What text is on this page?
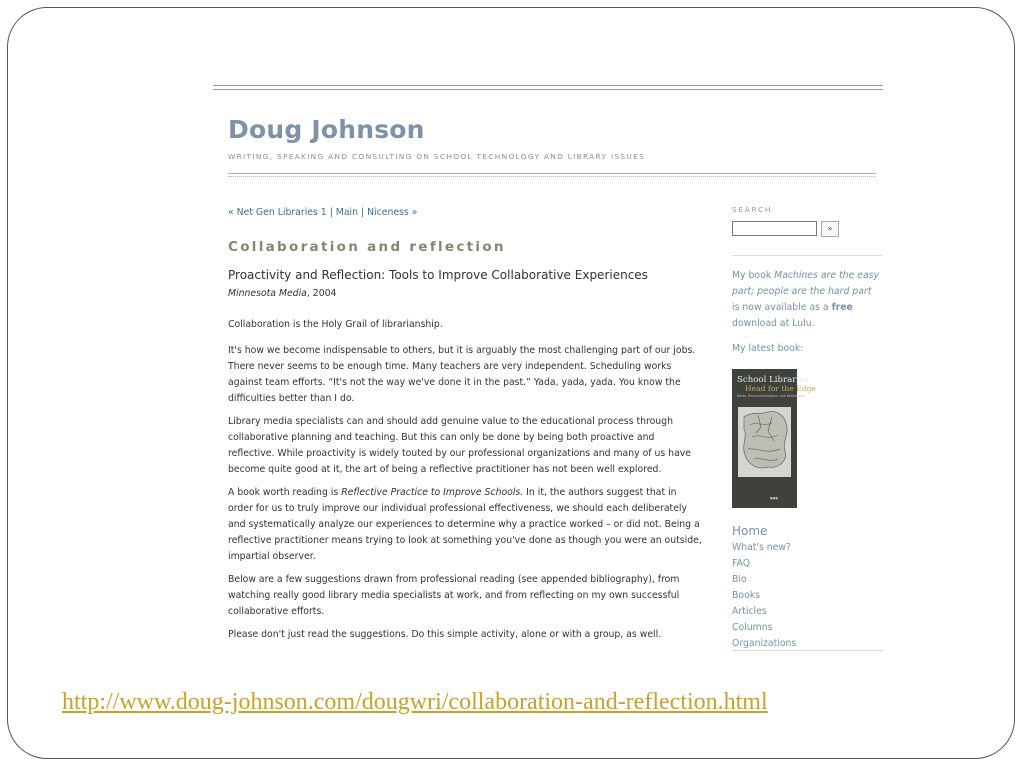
Doug Johnson
WRITING, SPEAKING AND CONSULTING ON SCHOOL TECHNOLOGY AND LIBRARY ISSUES
« Net Gen Libraries 1 | Main | Niceness »
Collaboration and reflection
Proactivity and Reflection: Tools to Improve Collaborative Experiences
Minnesota Media, 2004

Collaboration is the Holy Grail of librarianship.

It's how we become indispensable to others, but it is arguably the most challenging part of our jobs. There never seems to be enough time. Many teachers are very independent. Scheduling works against team efforts. “It's not the way we've done it in the past.” Yada, yada, yada. You know the difficulties better than I do.

Library media specialists can and should add genuine value to the educational process through collaborative planning and teaching. But this can only be done by being both proactive and reflective. While proactivity is widely touted by our professional organizations and many of us have become quite good at it, the art of being a reflective practitioner has not been well explored.

A book worth reading is Reflective Practice to Improve Schools. In it, the authors suggest that in order for us to truly improve our individual professional effectiveness, we should each deliberately and systematically analyze our experiences to determine why a practice worked – or did not. Being a reflective practitioner means trying to look at something you've done as though you were an outside, impartial observer.

Below are a few suggestions drawn from professional reading (see appended bibliography), from watching really good library media specialists at work, and from reflecting on my own successful collaborative efforts.

Please don't just read the suggestions. Do this simple activity, alone or with a group, as well.

SEARCH
»
My book Machines are the easy
part; people are the hard part
is now available as a free
download at Lulu.
My latest book:
School Libraries
Head for the Edge
Rants, Recommendations, and Reflections
●●●
Home
What's new?
FAQ
Bio
Books
Articles
Columns
Organizations
http://www.doug-johnson.com/dougwri/collaboration-and-reflection.html
